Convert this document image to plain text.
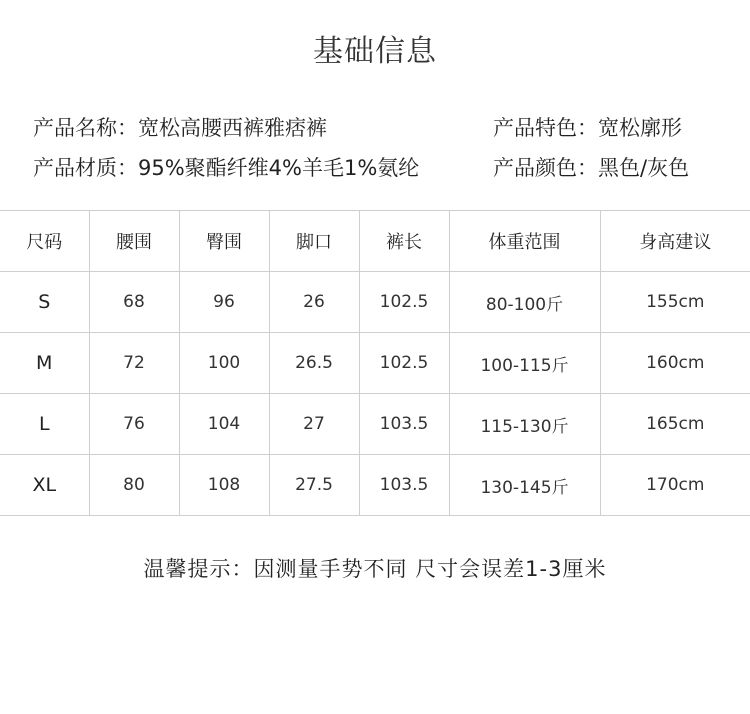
基础信息
产品名称：宽松高腰西裤雅痞裤	产品特色：宽松廓形
产品材质：95%聚酯纤维4%羊毛1%氨纶	产品颜色：黑色/灰色
尺码	腰围	臀围	脚口	裤长	体重范围	身高建议
S	68	96	26	102.5	80-100斤	155cm
M	72	100	26.5	102.5	100-115斤	160cm
L	76	104	27	103.5	115-130斤	165cm
XL	80	108	27.5	103.5	130-145斤	170cm
温馨提示：因测量手势不同 尺寸会误差1-3厘米
